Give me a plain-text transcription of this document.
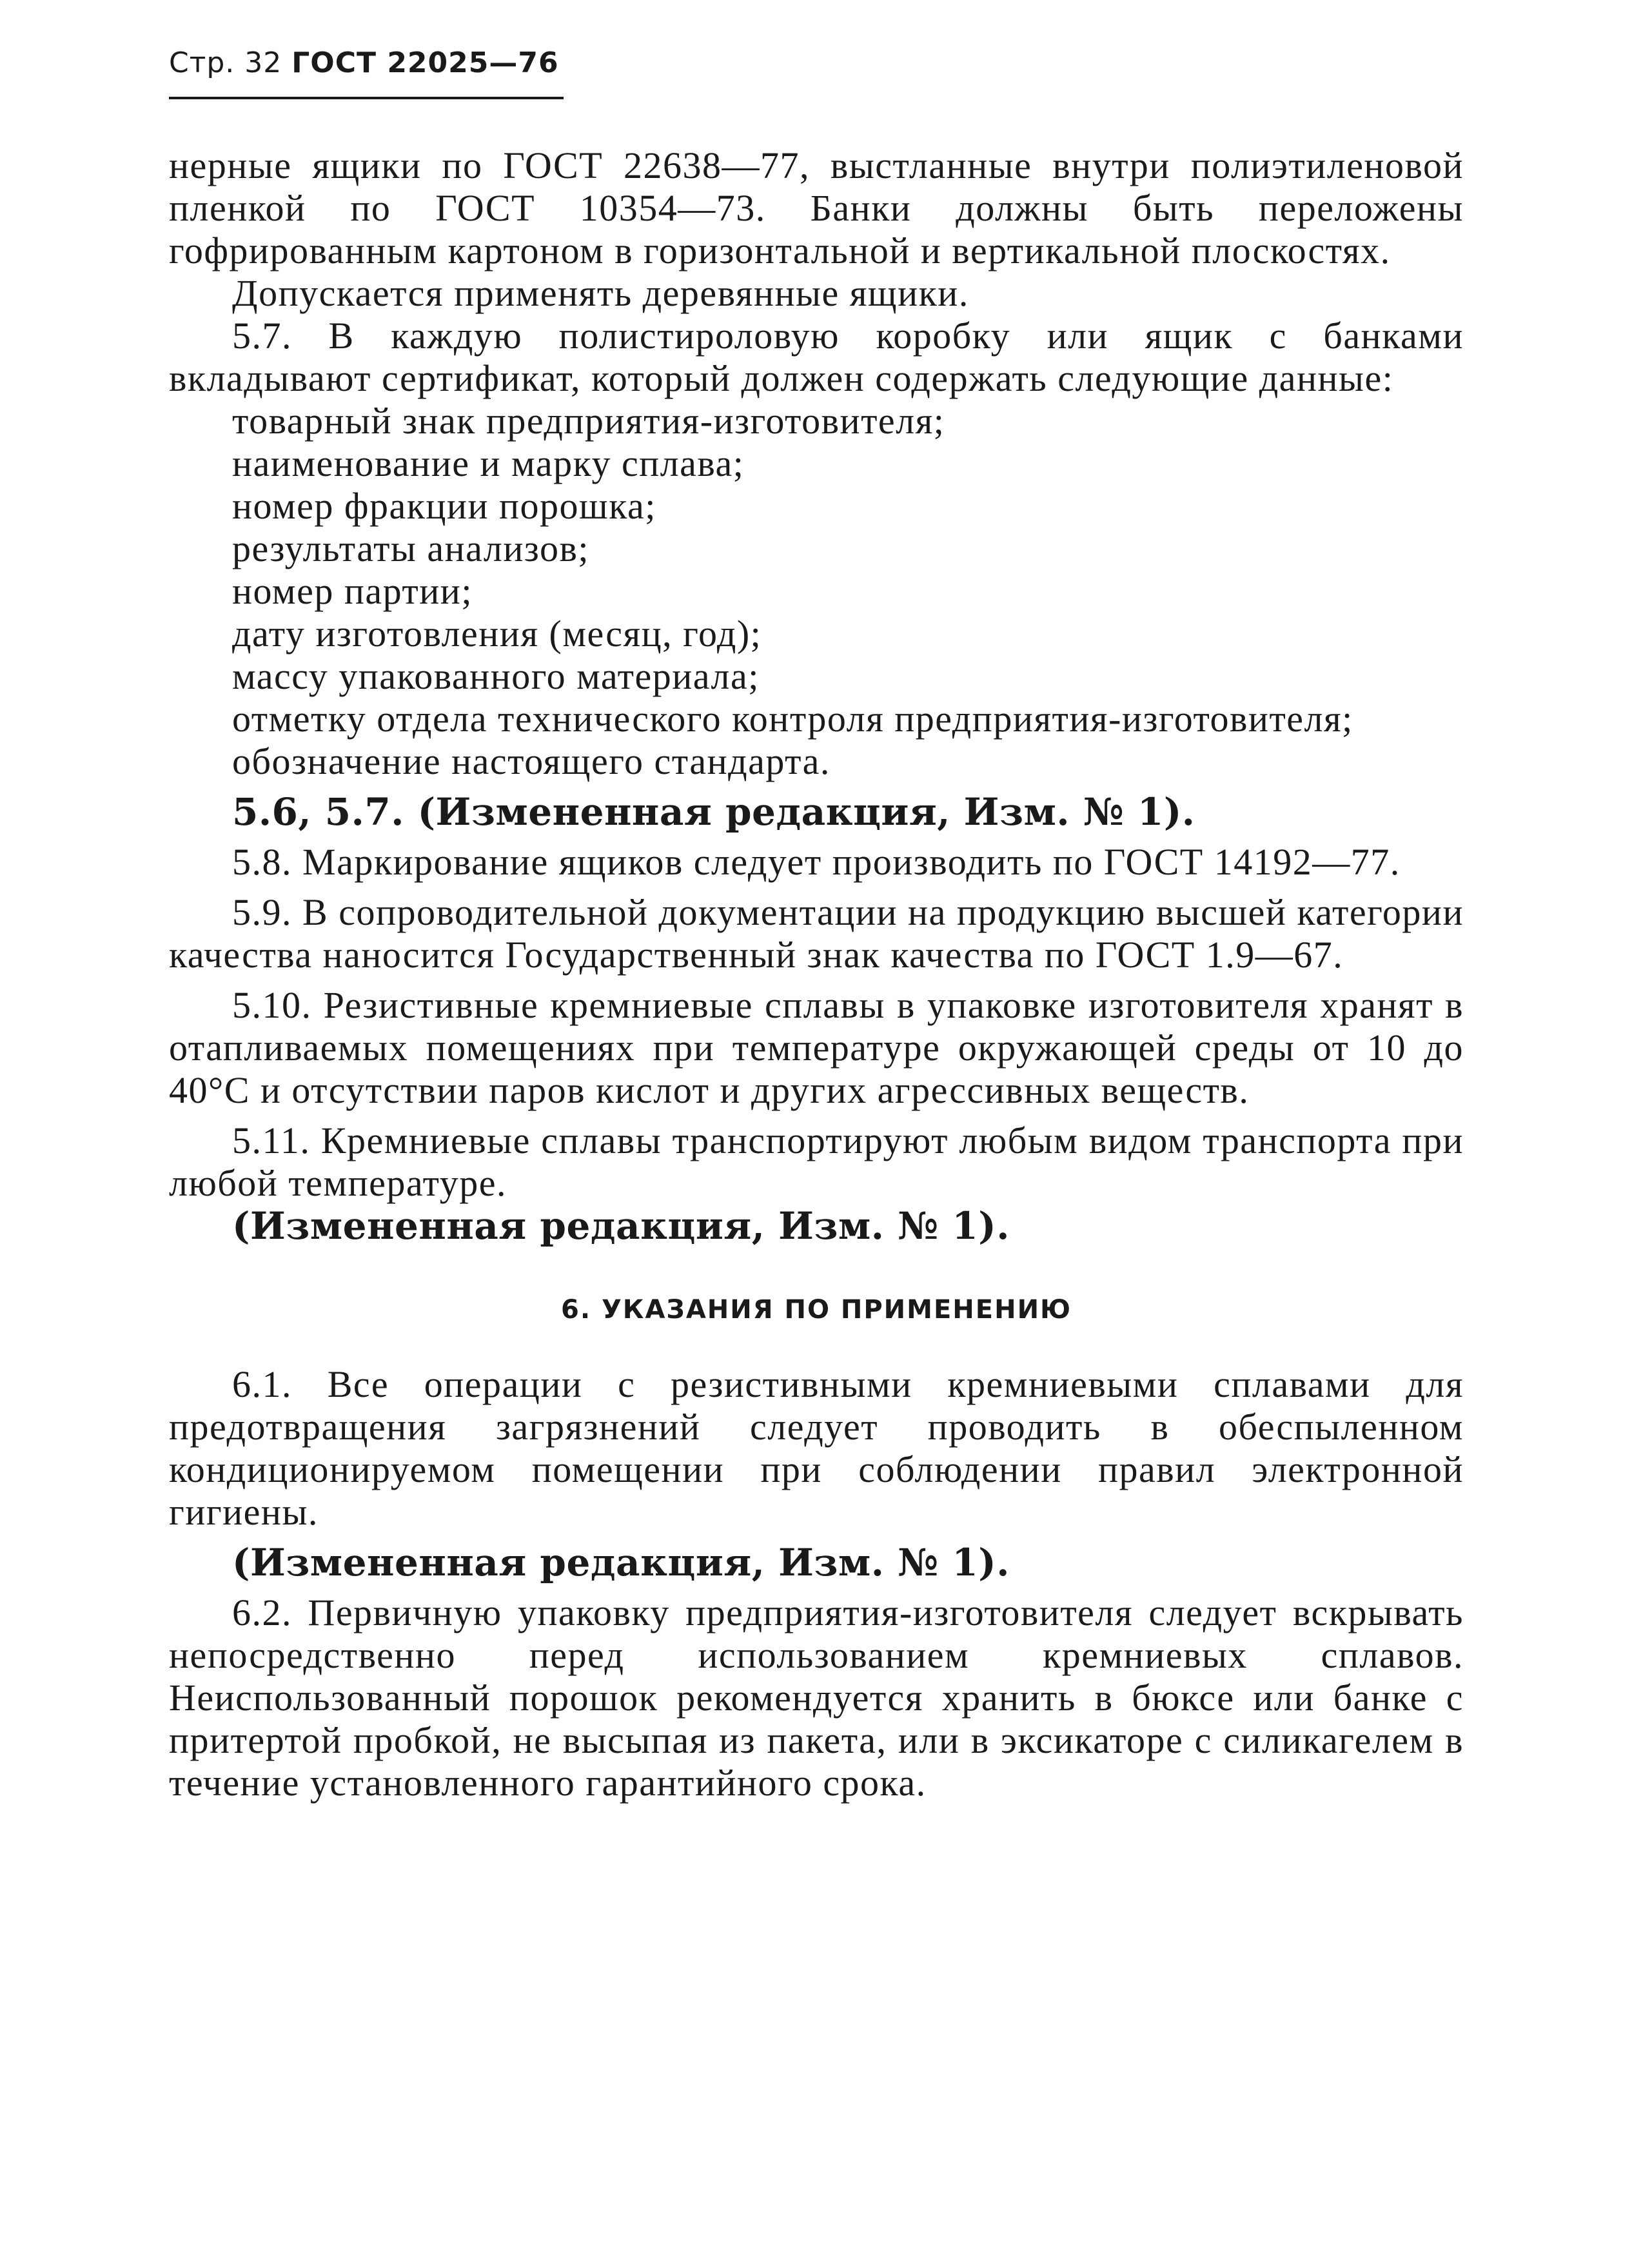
Стр. 32 ГОСТ 22025—76

нерные ящики по ГОСТ 22638—77, выстланные внутри полиэтиленовой пленкой по ГОСТ 10354—73. Банки должны быть переложены гофрированным картоном в горизонтальной и вертикальной плоскостях.

Допускается применять деревянные ящики.

5.7. В каждую полистироловую коробку или ящик с банками вкладывают сертификат, который должен содержать следующие данные:

товарный знак предприятия-изготовителя;

наименование и марку сплава;

номер фракции порошка;

результаты анализов;

номер партии;

дату изготовления (месяц, год);

массу упакованного материала;

отметку отдела технического контроля предприятия-изготовителя;

обозначение настоящего стандарта.

5.6, 5.7. (Измененная редакция, Изм. № 1).

5.8. Маркирование ящиков следует производить по ГОСТ 14192—77.

5.9. В сопроводительной документации на продукцию высшей категории качества наносится Государственный знак качества по ГОСТ 1.9—67.

5.10. Резистивные кремниевые сплавы в упаковке изготовителя хранят в отапливаемых помещениях при температуре окружающей среды от 10 до 40°С и отсутствии паров кислот и других агрессивных веществ.

5.11. Кремниевые сплавы транспортируют любым видом транспорта при любой температуре.

(Измененная редакция, Изм. № 1).

6. УКАЗАНИЯ ПО ПРИМЕНЕНИЮ

6.1. Все операции с резистивными кремниевыми сплавами для предотвращения загрязнений следует проводить в обеспыленном кондиционируемом помещении при соблюдении правил электронной гигиены.

(Измененная редакция, Изм. № 1).

6.2. Первичную упаковку предприятия-изготовителя следует вскрывать непосредственно перед использованием кремниевых сплавов. Неиспользованный порошок рекомендуется хранить в бюксе или банке с притертой пробкой, не высыпая из пакета, или в эксикаторе с силикагелем в течение установленного гарантийного срока.
